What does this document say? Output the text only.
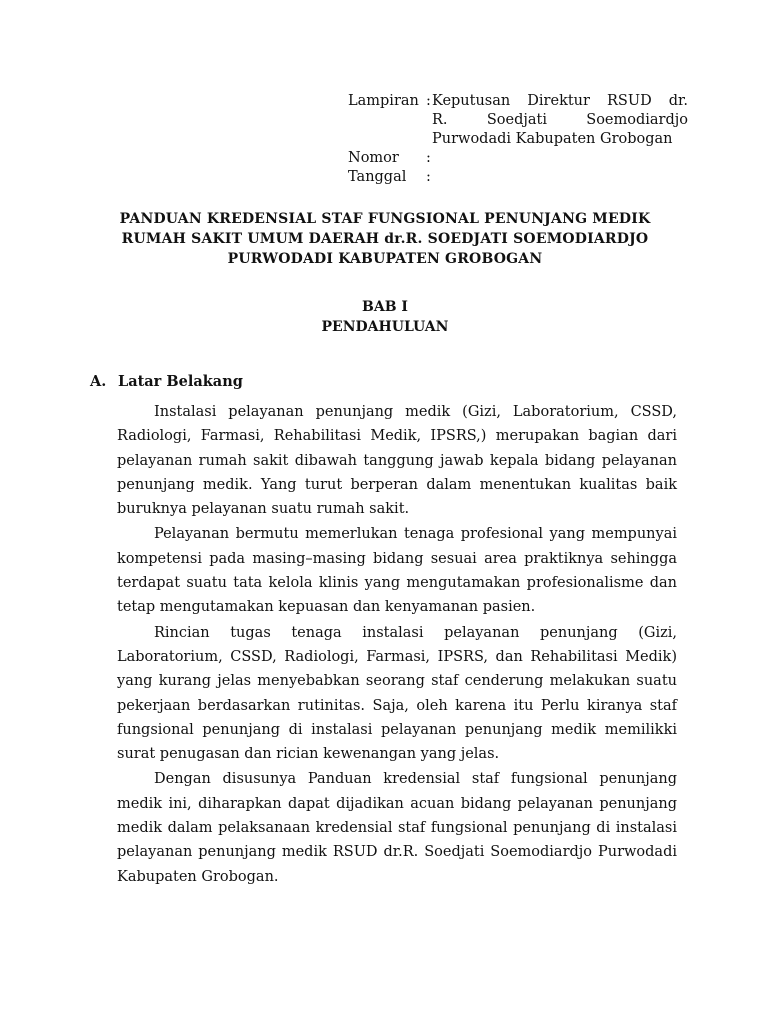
Lampiran : Keputusan Direktur RSUD dr.
R.	Soedjati	Soemodiardjo
Purwodadi Kabupaten Grobogan
Nomor	:
Tanggal	:
PANDUAN KREDENSIAL STAF FUNGSIONAL PENUNJANG MEDIK
RUMAH SAKIT UMUM DAERAH dr.R. SOEDJATI SOEMODIARDJO
PURWODADI KABUPATEN GROBOGAN
BAB I
PENDAHULUAN
A. Latar Belakang

Instalasi pelayanan penunjang medik (Gizi, Laboratorium, CSSD, Radiologi, Farmasi, Rehabilitasi Medik, IPSRS,) merupakan bagian dari pelayanan rumah sakit dibawah tanggung jawab kepala bidang pelayanan penunjang medik. Yang turut berperan dalam menentukan kualitas baik buruknya pelayanan suatu rumah sakit.

Pelayanan bermutu memerlukan tenaga profesional yang mempunyai kompetensi pada masing–masing bidang sesuai area praktiknya sehingga terdapat suatu tata kelola klinis yang mengutamakan profesionalisme dan tetap mengutamakan kepuasan dan kenyamanan pasien.

Rincian tugas tenaga instalasi pelayanan penunjang (Gizi, Laboratorium, CSSD, Radiologi, Farmasi, IPSRS, dan Rehabilitasi Medik) yang kurang jelas menyebabkan seorang staf cenderung melakukan suatu pekerjaan berdasarkan rutinitas. Saja, oleh karena itu Perlu kiranya staf fungsional penunjang di instalasi pelayanan penunjang medik memilikki surat penugasan dan rician kewenangan yang jelas.

Dengan disusunya Panduan kredensial staf fungsional penunjang medik ini, diharapkan dapat dijadikan acuan bidang pelayanan penunjang medik dalam pelaksanaan kredensial staf fungsional penunjang di instalasi pelayanan penunjang medik RSUD dr.R. Soedjati Soemodiardjo Purwodadi Kabupaten Grobogan.
